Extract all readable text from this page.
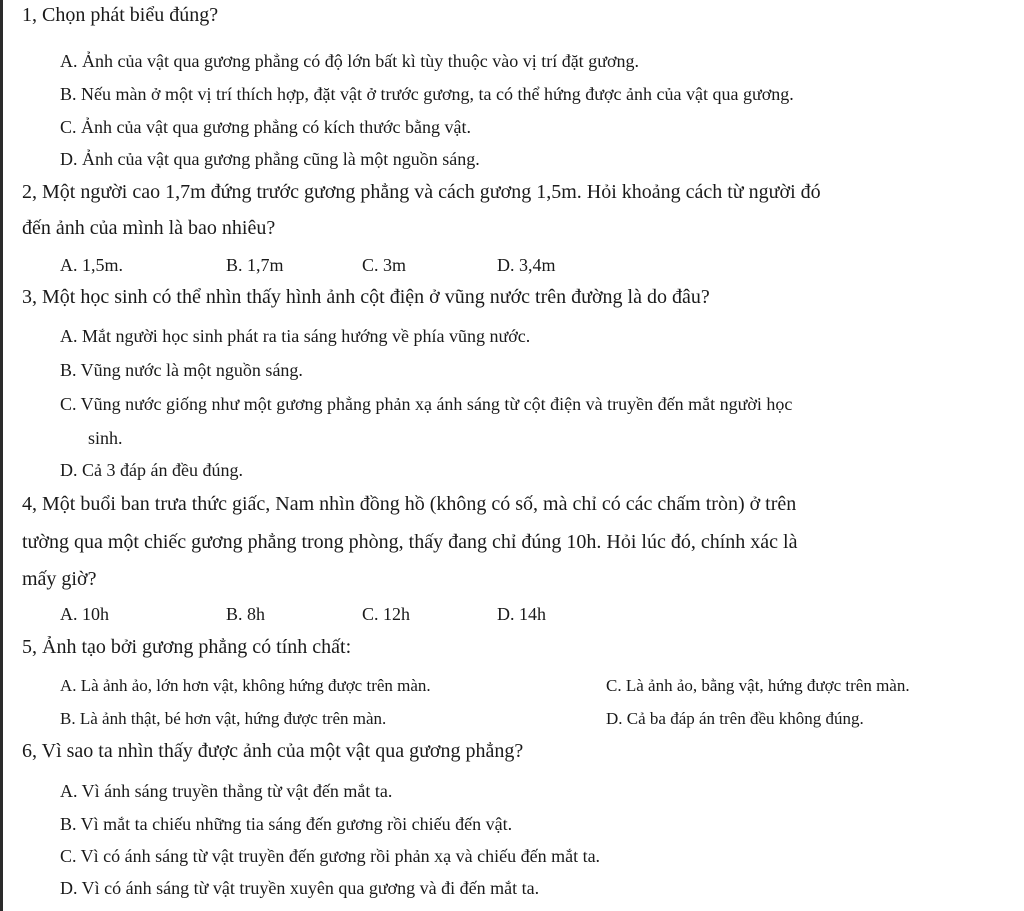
1, Chọn phát biểu đúng?
A. Ảnh của vật qua gương phẳng có độ lớn bất kì tùy thuộc vào vị trí đặt gương.
B. Nếu màn ở một vị trí thích hợp, đặt vật ở trước gương, ta có thể hứng được ảnh của vật qua gương.
C. Ảnh của vật qua gương phẳng có kích thước bằng vật.
D. Ảnh của vật qua gương phẳng cũng là một nguồn sáng.
2, Một người cao 1,7m đứng trước gương phẳng và cách gương 1,5m. Hỏi khoảng cách từ người đó
đến ảnh của mình là bao nhiêu?
A. 1,5m.	B. 1,7m	C. 3m	D. 3,4m
3, Một học sinh có thể nhìn thấy hình ảnh cột điện ở vũng nước trên đường là do đâu?
A. Mắt người học sinh phát ra tia sáng hướng về phía vũng nước.
B. Vũng nước là một nguồn sáng.
C. Vũng nước giống như một gương phẳng phản xạ ánh sáng từ cột điện và truyền đến mắt người học
sinh.
D. Cả 3 đáp án đều đúng.
4, Một buổi ban trưa thức giấc, Nam nhìn đồng hồ (không có số, mà chỉ có các chấm tròn) ở trên
tường qua một chiếc gương phẳng trong phòng, thấy đang chỉ đúng 10h. Hỏi lúc đó, chính xác là
mấy giờ?
A. 10h	B. 8h	C. 12h	D. 14h
5, Ảnh tạo bởi gương phẳng có tính chất:
A. Là ảnh ảo, lớn hơn vật, không hứng được trên màn.	C. Là ảnh ảo, bằng vật, hứng được trên màn.
B. Là ảnh thật, bé hơn vật, hứng được trên màn.	D. Cả ba đáp án trên đều không đúng.
6, Vì sao ta nhìn thấy được ảnh của một vật qua gương phẳng?
A. Vì ánh sáng truyền thẳng từ vật đến mắt ta.
B. Vì mắt ta chiếu những tia sáng đến gương rồi chiếu đến vật.
C. Vì có ánh sáng từ vật truyền đến gương rồi phản xạ và chiếu đến mắt ta.
D. Vì có ánh sáng từ vật truyền xuyên qua gương và đi đến mắt ta.
